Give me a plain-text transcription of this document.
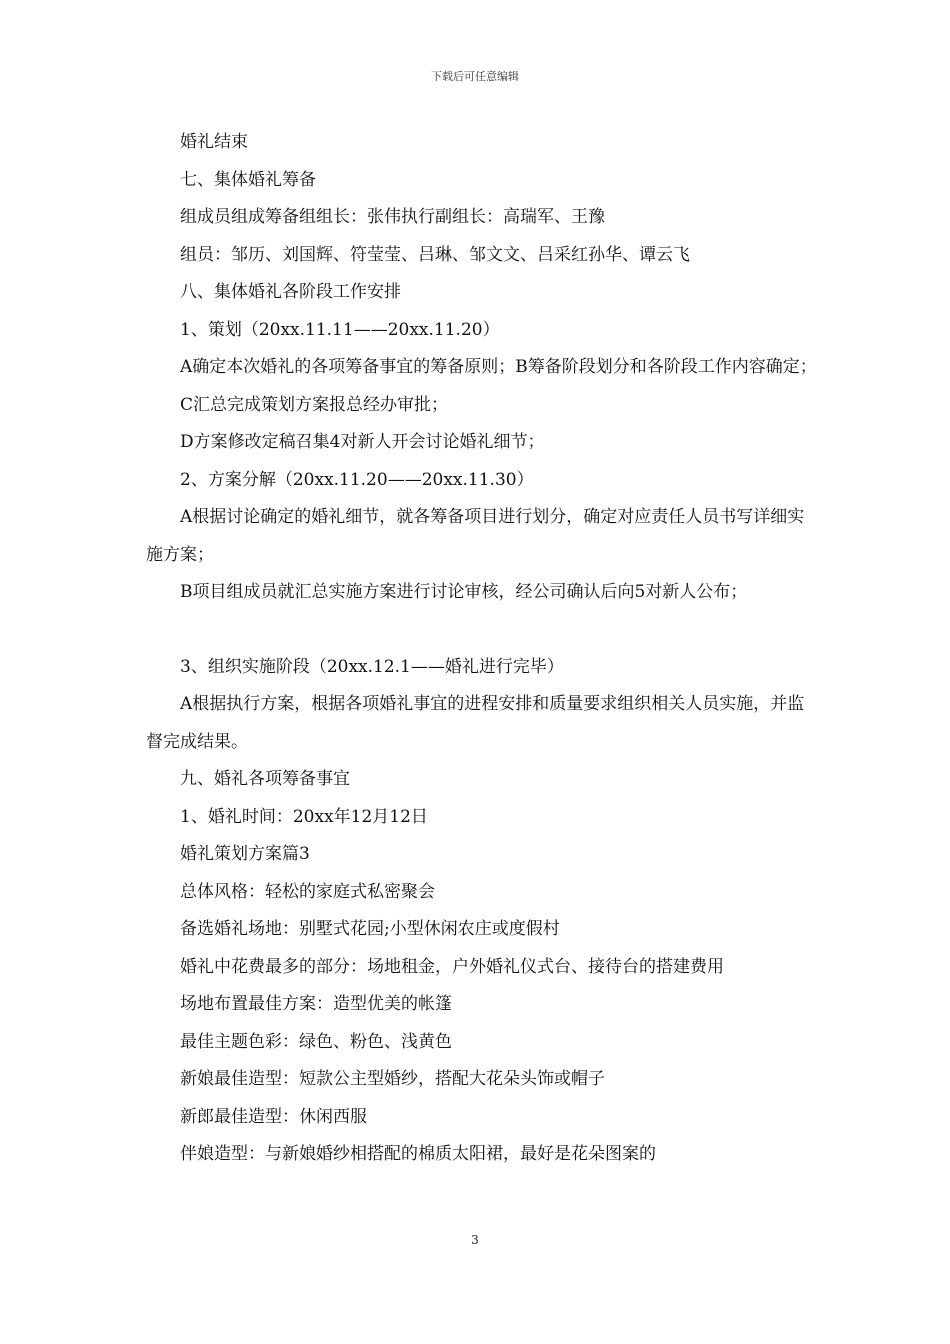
下载后可任意编辑

婚礼结束

七、集体婚礼筹备

组成员组成筹备组组长：张伟执行副组长：高瑞军、王豫

组员：邹历、刘国辉、符莹莹、吕琳、邹文文、吕采红孙华、谭云飞

八、集体婚礼各阶段工作安排

1、策划（20xx.11.11——20xx.11.20）

A确定本次婚礼的各项筹备事宜的筹备原则；B筹备阶段划分和各阶段工作内容确定；

C汇总完成策划方案报总经办审批；

D方案修改定稿召集4对新人开会讨论婚礼细节；

2、方案分解（20xx.11.20——20xx.11.30）

A根据讨论确定的婚礼细节，就各筹备项目进行划分，确定对应责任人员书写详细实施方案；

B项目组成员就汇总实施方案进行讨论审核，经公司确认后向5对新人公布；

3、组织实施阶段（20xx.12.1——婚礼进行完毕）

A根据执行方案，根据各项婚礼事宜的进程安排和质量要求组织相关人员实施，并监督完成结果。

九、婚礼各项筹备事宜

1、婚礼时间：20xx年12月12日

婚礼策划方案篇3

总体风格：轻松的家庭式私密聚会

备选婚礼场地：别墅式花园;小型休闲农庄或度假村

婚礼中花费最多的部分：场地租金，户外婚礼仪式台、接待台的搭建费用

场地布置最佳方案：造型优美的帐篷

最佳主题色彩：绿色、粉色、浅黄色

新娘最佳造型：短款公主型婚纱，搭配大花朵头饰或帽子

新郎最佳造型：休闲西服

伴娘造型：与新娘婚纱相搭配的棉质太阳裙，最好是花朵图案的

3
